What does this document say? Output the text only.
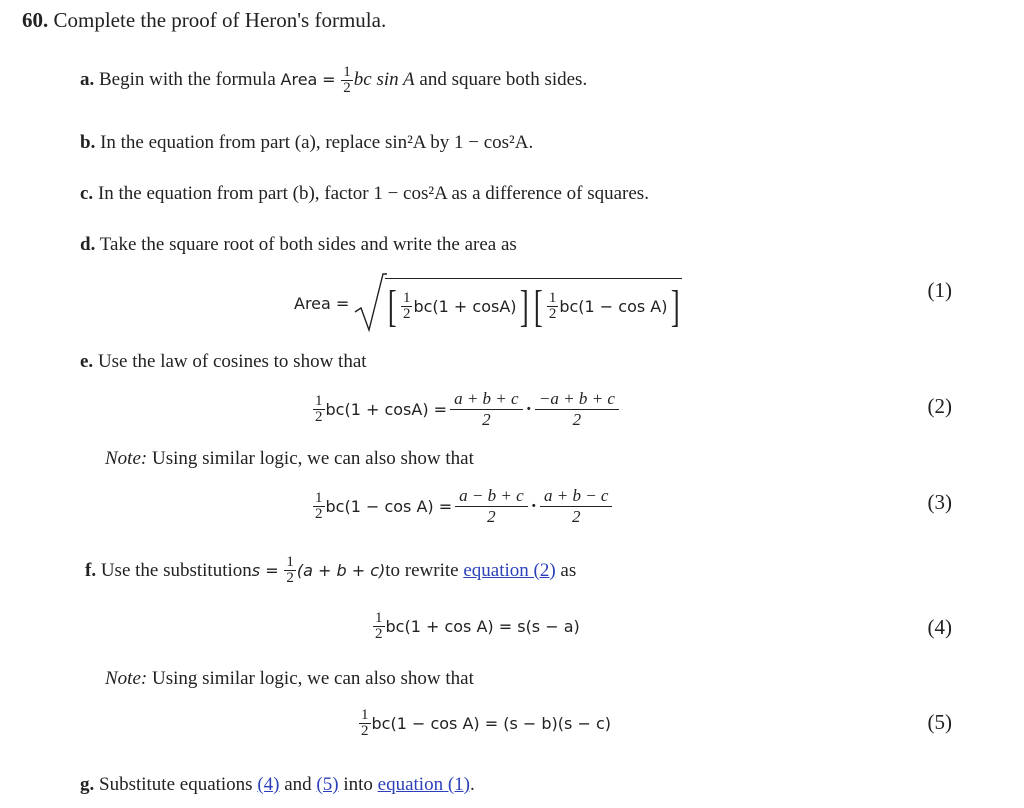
60. Complete the proof of Heron's formula.
a. Begin with the formula Area = $\frac{1}{2}$ bc sin A and square both sides.
b. In the equation from part (a), replace sin²A by 1 − cos²A.
c. In the equation from part (b), factor 1 − cos²A as a difference of squares.
d. Take the square root of both sides and write the area as
Area = [ $\frac{1}{2} bc(1 + \cos A)$ ] [ $\frac{1}{2} bc(1 - \cos A)$ ]	(1)
e. Use the law of cosines to show that
$\frac{1}{2} bc(1 + \cos A) = \frac{a + b + c}{2} \cdot -a + b + c$
2
(2)
Note: Using similar logic, we can also show that
$\frac{1}{2} bc(1 - \cos A) = \frac{a - b + c}{2} \cdot a + b - c$
2
(3)
f.
Use the substitution s =
$\frac{1}{2} (a + b + c)$ to rewrite
equation (2)
as
$\frac{1}{2} bc(1 + \cos A) = s(s - a)$	(4)
Note: Using similar logic, we can also show that
$\frac{1}{2} bc(1 - \cos A) = (s - b)(s - c)$	(5)
g. Substitute equations (4) and (5) into equation (1).
